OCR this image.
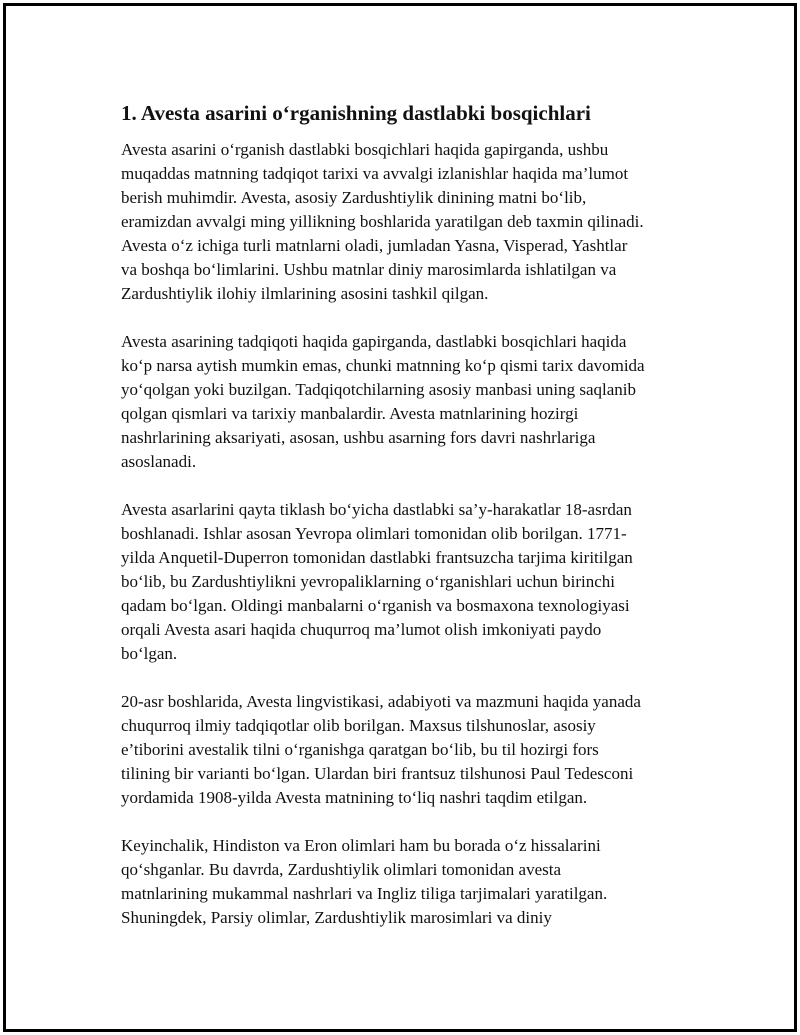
1. Avesta asarini o‘rganishning dastlabki bosqichlari

Avesta asarini o‘rganish dastlabki bosqichlari haqida gapirganda, ushbu
muqaddas matnning tadqiqot tarixi va avvalgi izlanishlar haqida ma’lumot
berish muhimdir. Avesta, asosiy Zardushtiylik dinining matni bo‘lib,
eramizdan avvalgi ming yillikning boshlarida yaratilgan deb taxmin qilinadi.
Avesta o‘z ichiga turli matnlarni oladi, jumladan Yasna, Visperad, Yashtlar
va boshqa bo‘limlarini. Ushbu matnlar diniy marosimlarda ishlatilgan va
Zardushtiylik ilohiy ilmlarining asosini tashkil qilgan.

Avesta asarining tadqiqoti haqida gapirganda, dastlabki bosqichlari haqida
ko‘p narsa aytish mumkin emas, chunki matnning ko‘p qismi tarix davomida
yo‘qolgan yoki buzilgan. Tadqiqotchilarning asosiy manbasi uning saqlanib
qolgan qismlari va tarixiy manbalardir. Avesta matnlarining hozirgi
nashrlarining aksariyati, asosan, ushbu asarning fors davri nashrlariga
asoslanadi.

Avesta asarlarini qayta tiklash bo‘yicha dastlabki sa’y-harakatlar 18-asrdan
boshlanadi. Ishlar asosan Yevropa olimlari tomonidan olib borilgan. 1771-
yilda Anquetil-Duperron tomonidan dastlabki frantsuzcha tarjima kiritilgan
bo‘lib, bu Zardushtiylikni yevropaliklarning o‘rganishlari uchun birinchi
qadam bo‘lgan. Oldingi manbalarni o‘rganish va bosmaxona texnologiyasi
orqali Avesta asari haqida chuqurroq ma’lumot olish imkoniyati paydo
bo‘lgan.

20-asr boshlarida, Avesta lingvistikasi, adabiyoti va mazmuni haqida yanada
chuqurroq ilmiy tadqiqotlar olib borilgan. Maxsus tilshunoslar, asosiy
e’tiborini avestalik tilni o‘rganishga qaratgan bo‘lib, bu til hozirgi fors
tilining bir varianti bo‘lgan. Ulardan biri frantsuz tilshunosi Paul Tedesconi
yordamida 1908-yilda Avesta matnining to‘liq nashri taqdim etilgan.

Keyinchalik, Hindiston va Eron olimlari ham bu borada o‘z hissalarini
qo‘shganlar. Bu davrda, Zardushtiylik olimlari tomonidan avesta
matnlarining mukammal nashrlari va Ingliz tiliga tarjimalari yaratilgan.
Shuningdek, Parsiy olimlar, Zardushtiylik marosimlari va diniy
